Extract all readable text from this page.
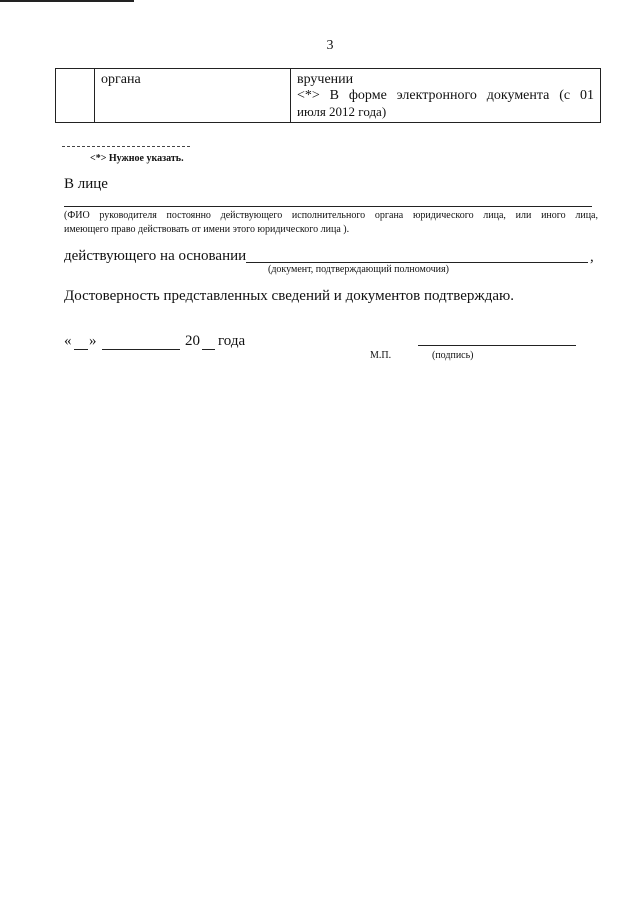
3

органа	вручении
<*> В форме электронного документа (с 01
июля 2012 года)
<*> Нужное указать.
В лице
(ФИО руководителя постоянно действующего исполнительного органа юридического лица, или иного лица,
имеющего право действовать от имени этого юридического лица ).
действующего на основании	,
(документ, подтверждающий полномочия)
Достоверность представленных сведений и документов подтверждаю.
« »	20 года
М.П.	(подпись)
